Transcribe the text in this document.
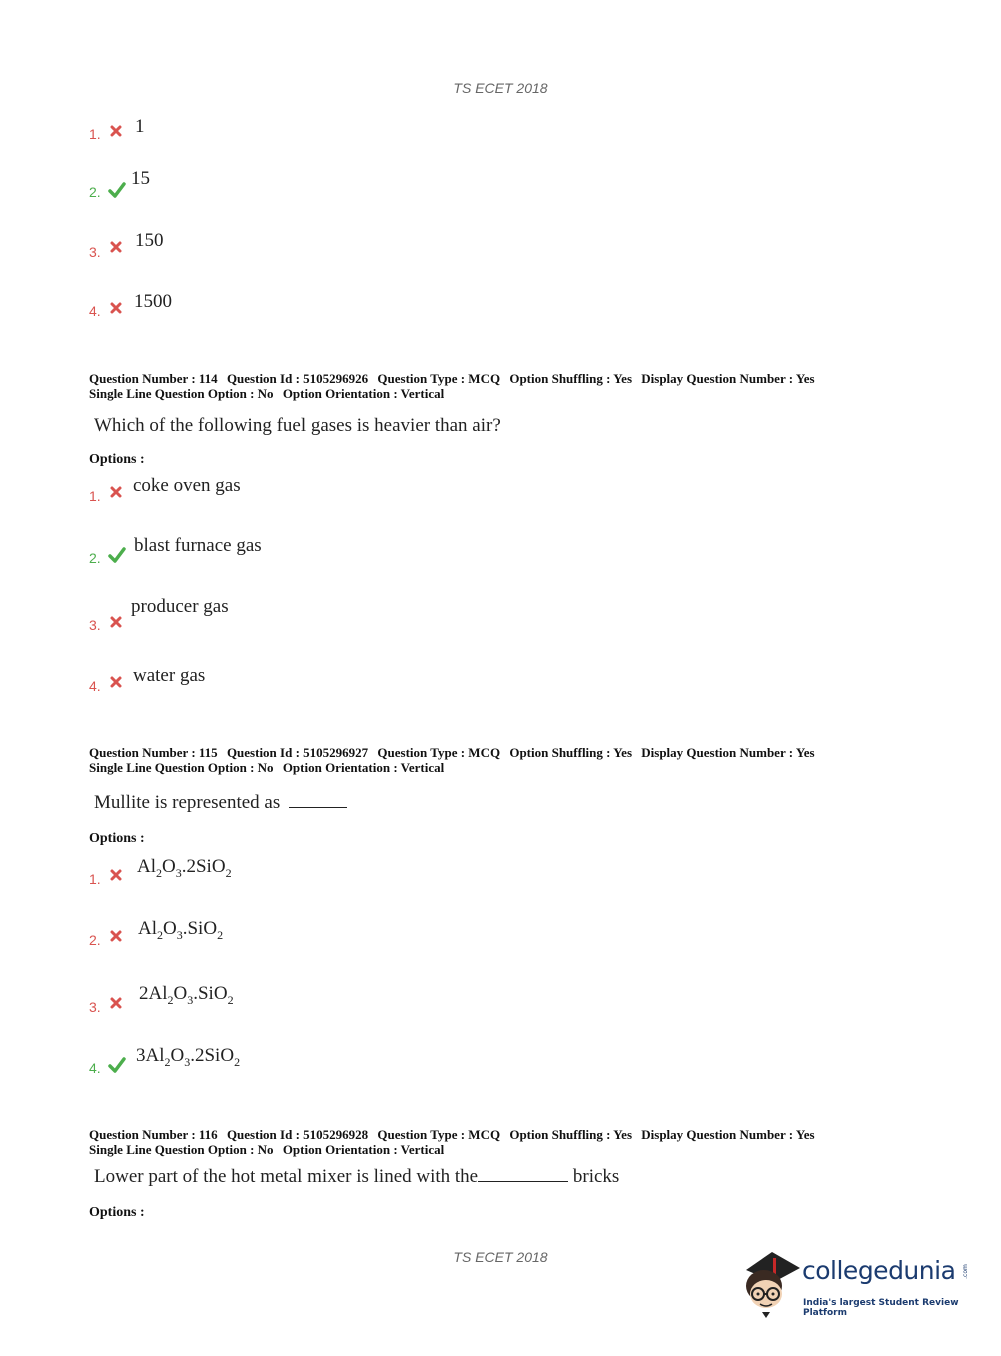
TS ECET 2018
1. 1
2.
15
3.
150
4. 1500
Question Number : 114 Question Id : 5105296926 Question Type : MCQ Option Shuffling : Yes Display Question Number : Yes
Single Line Question Option : No Option Orientation : Vertical
Which of the following fuel gases is heavier than air?
Options :
1. coke oven gas
2.
blast furnace gas
3.
producer gas
4. water gas
Question Number : 115 Question Id : 5105296927 Question Type : MCQ Option Shuffling : Yes Display Question Number : Yes
Single Line Question Option : No Option Orientation : Vertical
Mullite is represented as
Options :
1.
$Al_2O_3.2SiO_2$
2.
$Al_2O_3.SiO_2$
3.
$2Al_2O_3.SiO_2$
4.
$3Al_2O_3.2SiO_2$
Question Number : 116 Question Id : 5105296928 Question Type : MCQ Option Shuffling : Yes Display Question Number : Yes
Single Line Question Option : No Option Orientation : Vertical
Lower part of the hot metal mixer is lined with the	bricks
Options :
TS ECET 2018	collegedunia .com
India's largest Student Review Platform
